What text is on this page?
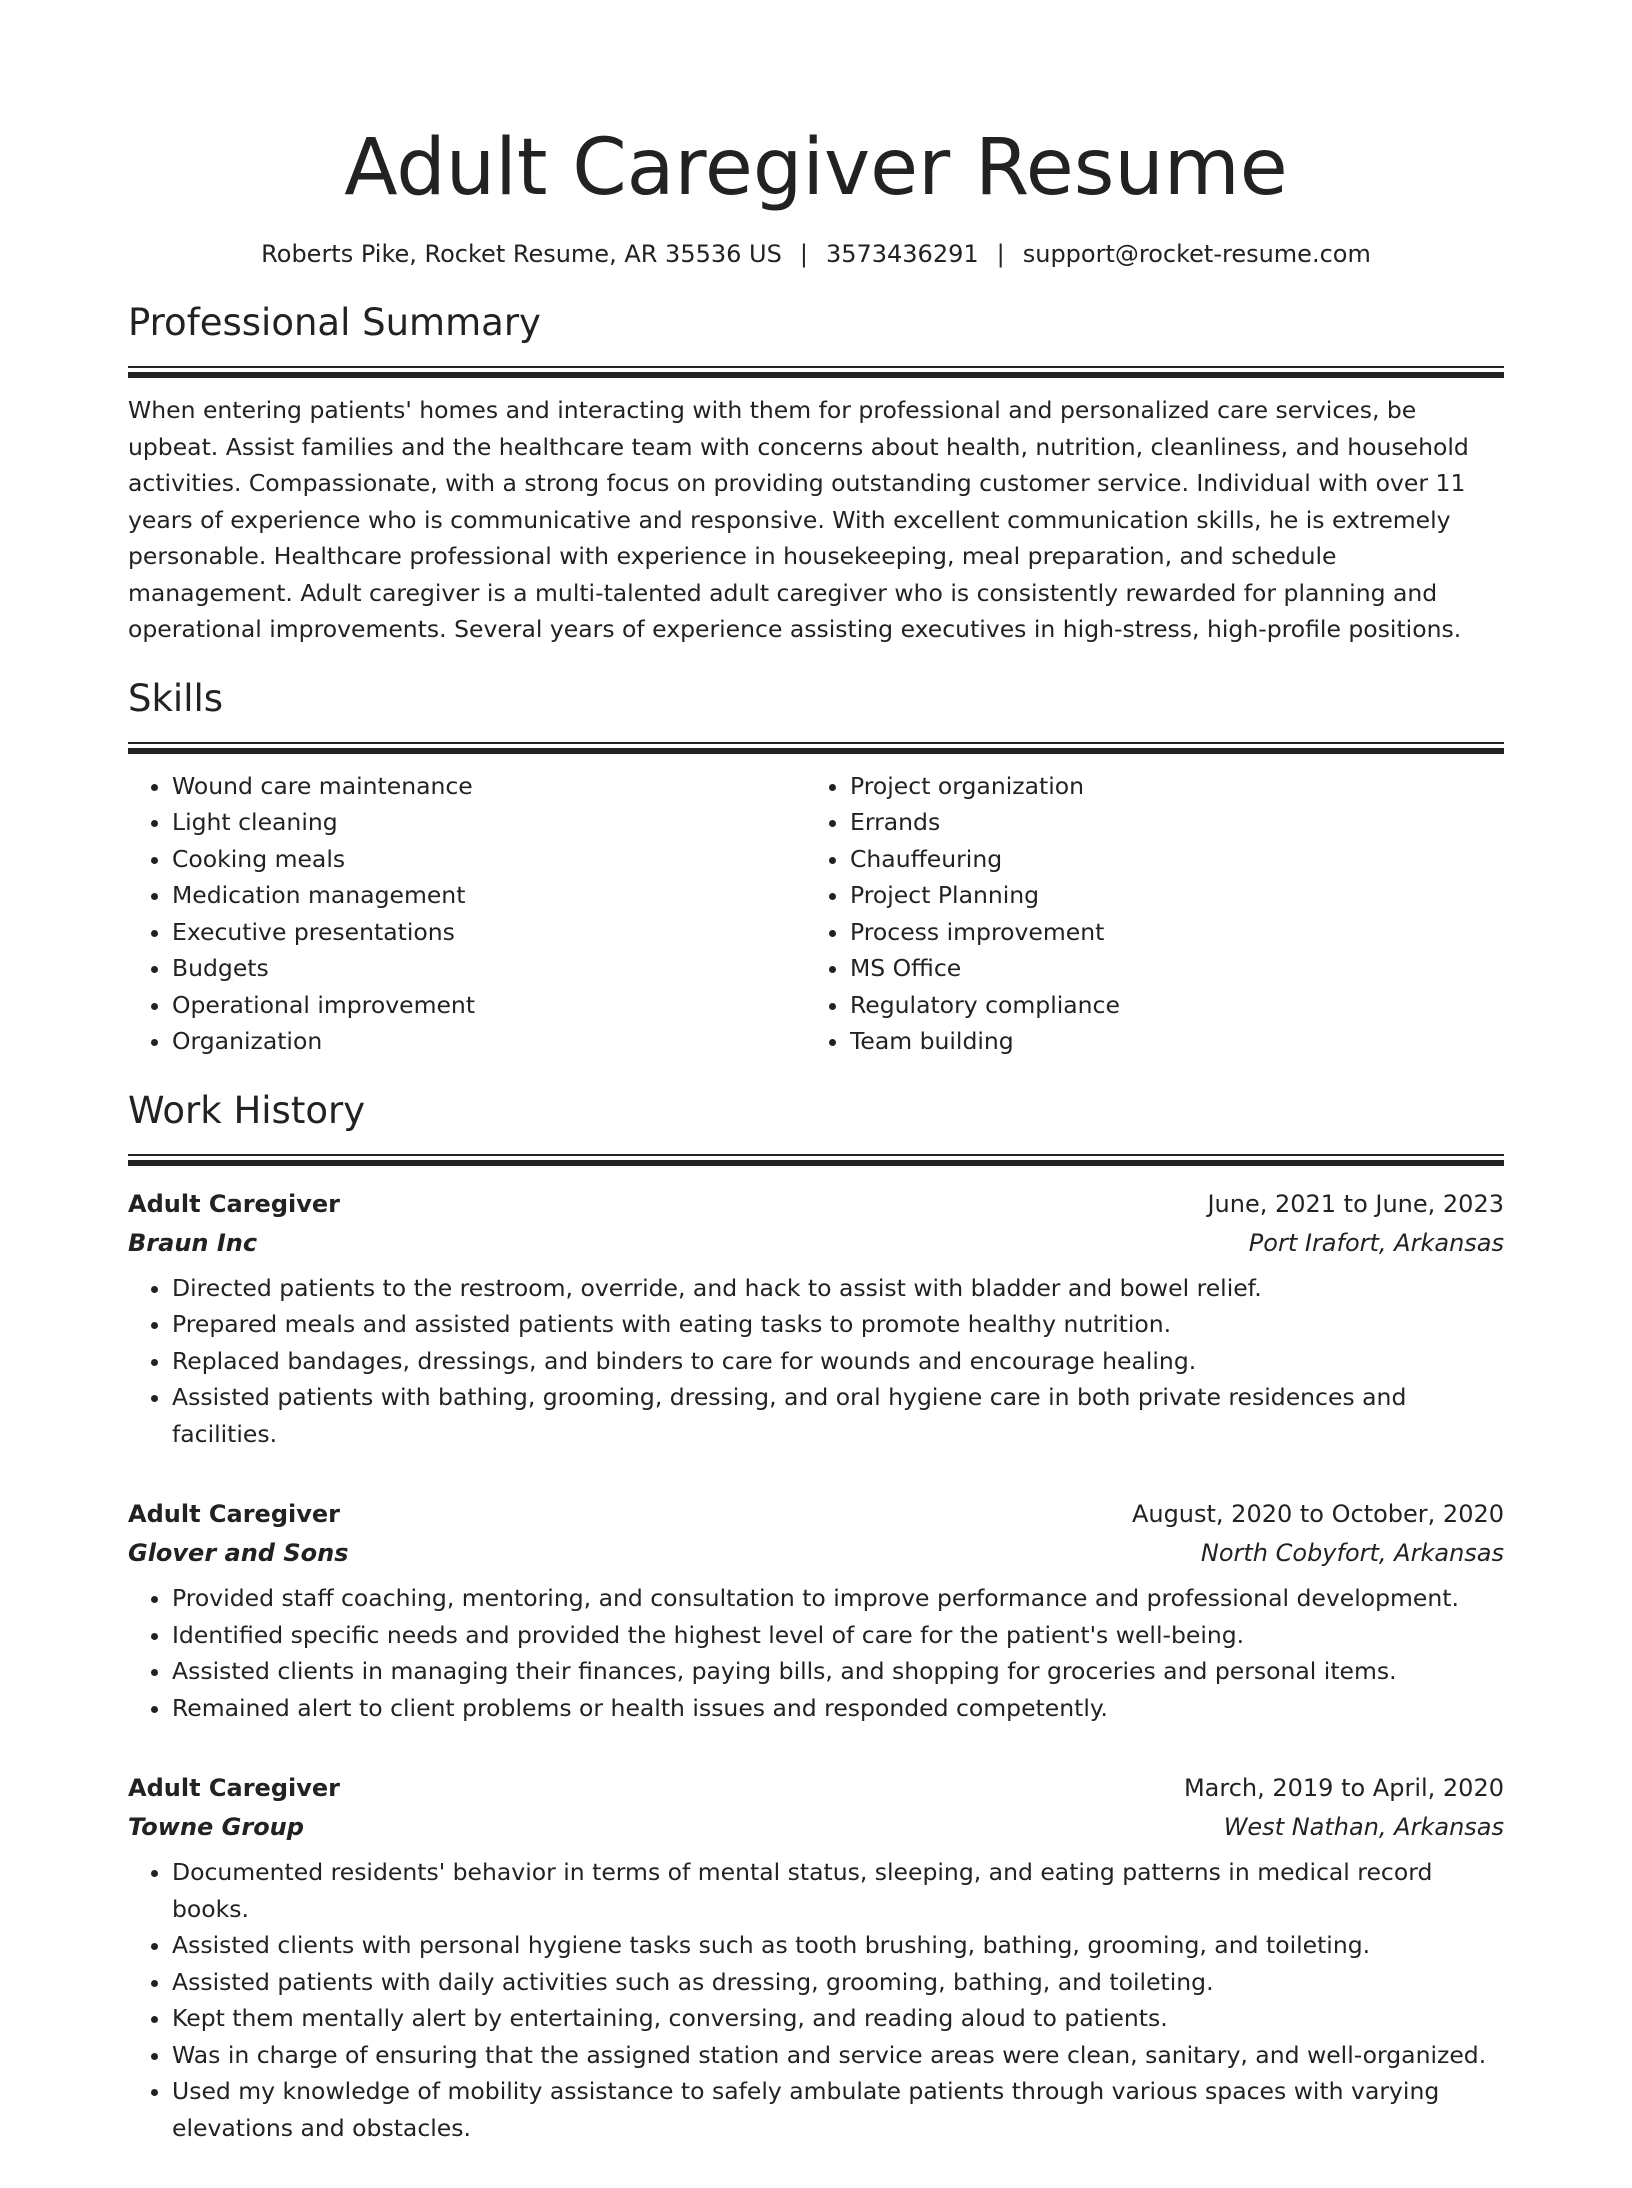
Adult Caregiver Resume
Roberts Pike, Rocket Resume, AR 35536 US | 3573436291 | support@rocket-resume.com
Professional Summary
When entering patients' homes and interacting with them for professional and personalized care services, be upbeat. Assist families and the healthcare team with concerns about health, nutrition, cleanliness, and household activities. Compassionate, with a strong focus on providing outstanding customer service. Individual with over 11 years of experience who is communicative and responsive. With excellent communication skills, he is extremely personable. Healthcare professional with experience in housekeeping, meal preparation, and schedule management. Adult caregiver is a multi-talented adult caregiver who is consistently rewarded for planning and operational improvements. Several years of experience assisting executives in high-stress, high-profile positions.
Skills
• Wound care maintenance
• Light cleaning
• Cooking meals
• Medication management
• Executive presentations
• Budgets
• Operational improvement
• Organization
• Project organization
• Errands
• Chauffeuring
• Project Planning
• Process improvement
• MS Office
• Regulatory compliance
• Team building
Work History
Adult Caregiver	June, 2021 to June, 2023
Braun Inc	Port Irafort, Arkansas
• Directed patients to the restroom, override, and hack to assist with bladder and bowel relief.
• Prepared meals and assisted patients with eating tasks to promote healthy nutrition.
• Replaced bandages, dressings, and binders to care for wounds and encourage healing.
• Assisted patients with bathing, grooming, dressing, and oral hygiene care in both private residences and facilities.
Adult Caregiver	August, 2020 to October, 2020
Glover and Sons	North Cobyfort, Arkansas
• Provided staff coaching, mentoring, and consultation to improve performance and professional development.
• Identified specific needs and provided the highest level of care for the patient's well-being.
• Assisted clients in managing their finances, paying bills, and shopping for groceries and personal items.
• Remained alert to client problems or health issues and responded competently.
Adult Caregiver	March, 2019 to April, 2020
Towne Group	West Nathan, Arkansas
• Documented residents' behavior in terms of mental status, sleeping, and eating patterns in medical record books.
• Assisted clients with personal hygiene tasks such as tooth brushing, bathing, grooming, and toileting.
• Assisted patients with daily activities such as dressing, grooming, bathing, and toileting.
• Kept them mentally alert by entertaining, conversing, and reading aloud to patients.
• Was in charge of ensuring that the assigned station and service areas were clean, sanitary, and well-organized.
• Used my knowledge of mobility assistance to safely ambulate patients through various spaces with varying elevations and obstacles.
